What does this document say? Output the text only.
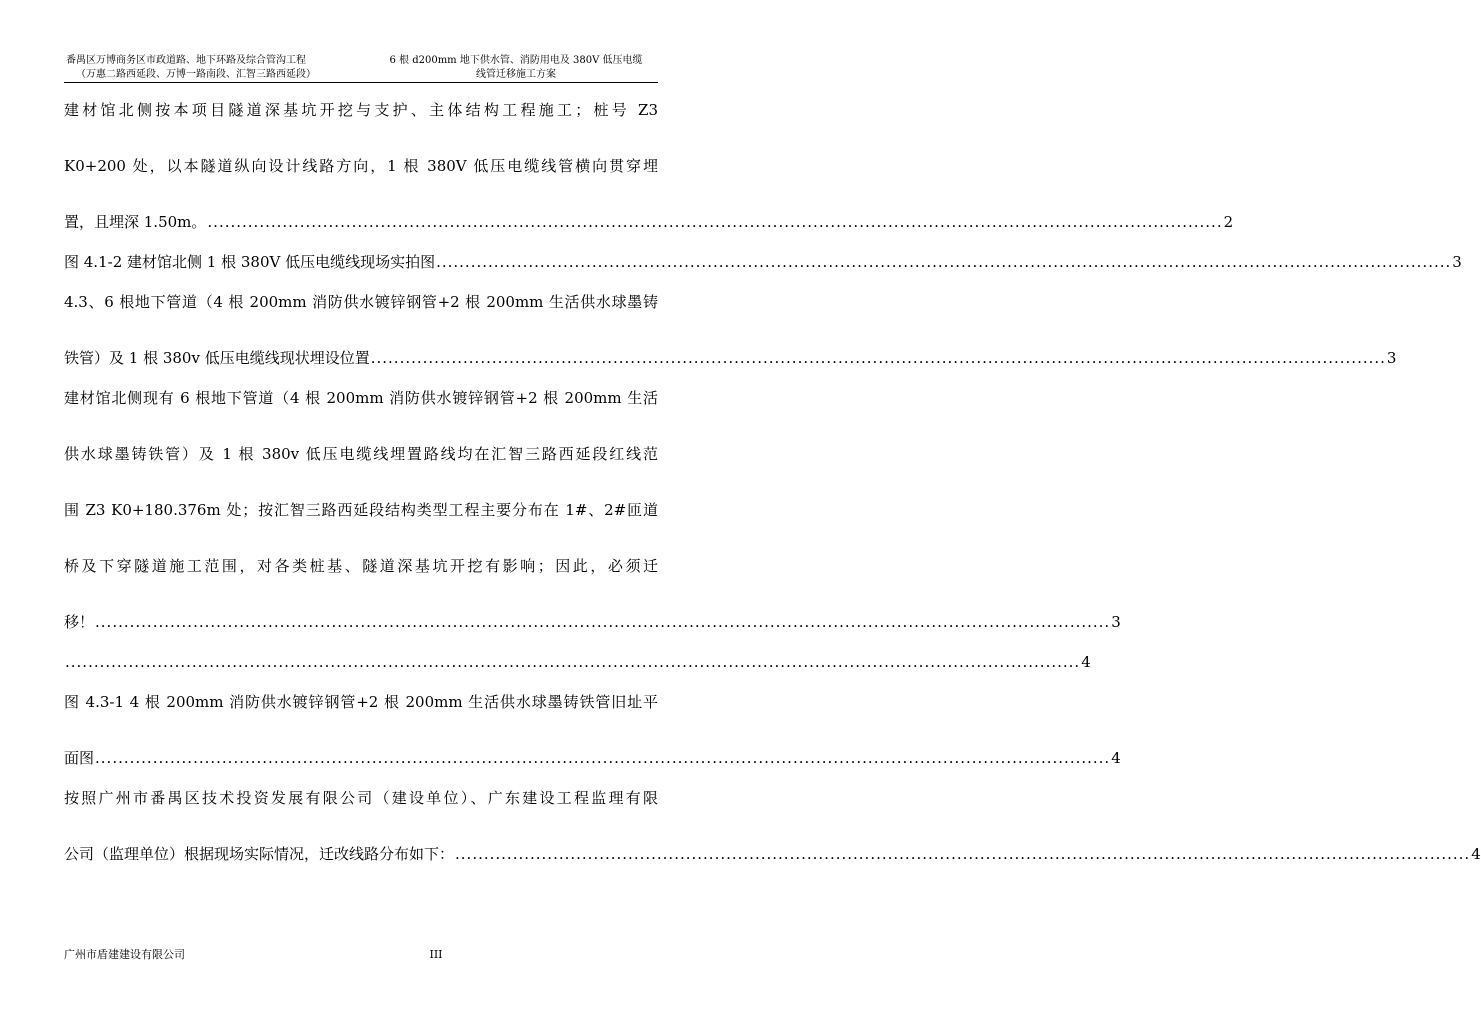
番禺区万博商务区市政道路、地下环路及综合管沟工程
（万惠二路西延段、万博一路南段、汇智三路西延段）
6 根 d200mm 地下供水管、消防用电及 380V 低压电缆
线管迁移施工方案
建材馆北侧按本项目隧道深基坑开挖与支护、主体结构工程施工；桩号 Z3
K0+200 处，以本隧道纵向设计线路方向，1 根 380V 低压电缆线管横向贯穿埋
置，且埋深 1.50m。 ................................................................................................................................................................................ 2
图 4.1-2 建材馆北侧 1 根 380V 低压电缆线现场实拍图 ................................................................................................................................................................................ 3
4.3、6 根地下管道（4 根 200mm 消防供水镀锌钢管+2 根 200mm 生活供水球墨铸
铁管）及 1 根 380v 低压电缆线现状埋设位置 ................................................................................................................................................................................ 3
建材馆北侧现有 6 根地下管道（4 根 200mm 消防供水镀锌钢管+2 根 200mm 生活
供水球墨铸铁管）及 1 根 380v 低压电缆线埋置路线均在汇智三路西延段红线范
围 Z3 K0+180.376m 处；按汇智三路西延段结构类型工程主要分布在 1#、2#匝道
桥及下穿隧道施工范围，对各类桩基、隧道深基坑开挖有影响；因此，必须迁
移！ ................................................................................................................................................................................ 3
................................................................................................................................................................................ 4
图 4.3-1 4 根 200mm 消防供水镀锌钢管+2 根 200mm 生活供水球墨铸铁管旧址平
面图 ................................................................................................................................................................................ 4
按照广州市番禺区技术投资发展有限公司（建设单位）、广东建设工程监理有限
公司（监理单位）根据现场实际情况，迁改线路分布如下： ................................................................................................................................................................................ 4
广州市盾建建设有限公司	III
